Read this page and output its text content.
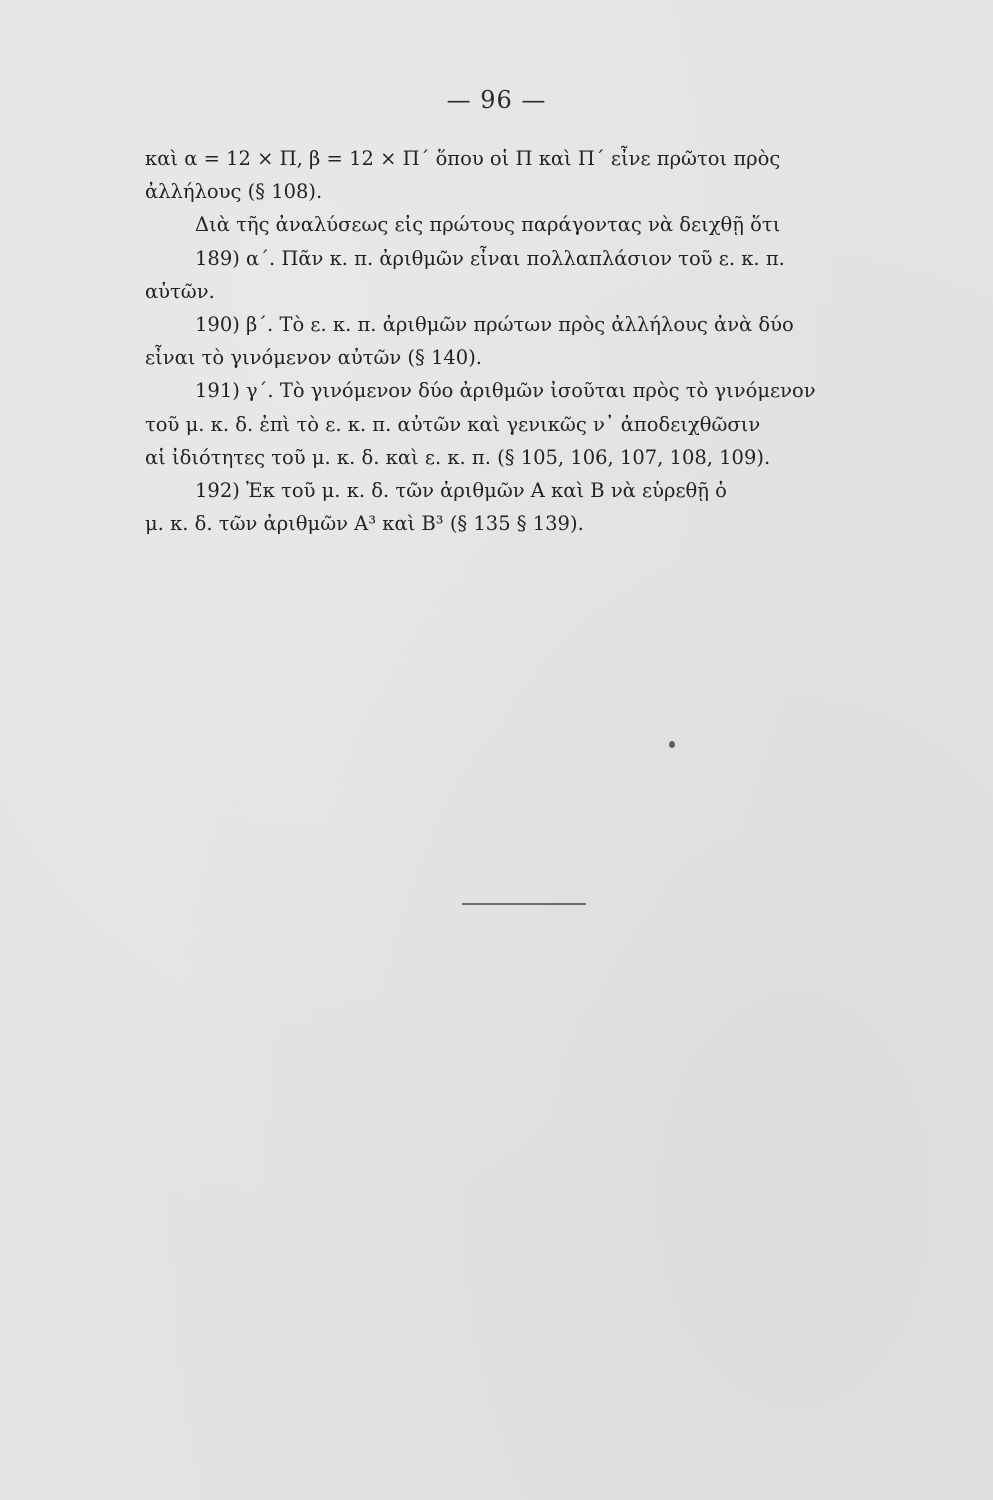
— 96 —
καὶ α = 12 × Π, β = 12 × Π΄ ὅπου οἱ Π καὶ Π΄ εἶνε πρῶτοι πρὸς
ἀλλήλους (§ 108).
Διὰ τῆς ἀναλύσεως εἰς πρώτους παράγοντας νὰ δειχθῇ ὅτι
189) α΄. Πᾶν κ. π. ἀριθμῶν εἶναι πολλαπλάσιον τοῦ ε. κ. π.
αὐτῶν.
190) β΄. Τὸ ε. κ. π. ἀριθμῶν πρώτων πρὸς ἀλλήλους ἀνὰ δύο
εἶναι τὸ γινόμενον αὐτῶν (§ 140).
191) γ΄. Τὸ γινόμενον δύο ἀριθμῶν ἰσοῦται πρὸς τὸ γινόμενον
τοῦ μ. κ. δ. ἐπὶ τὸ ε. κ. π. αὐτῶν καὶ γενικῶς ν᾽ ἀποδειχθῶσιν
αἱ ἰδιότητες τοῦ μ. κ. δ. καὶ ε. κ. π. (§ 105, 106, 107, 108, 109).
192) Ἐκ τοῦ μ. κ. δ. τῶν ἀριθμῶν Α καὶ Β νὰ εὑρεθῇ ὁ
μ. κ. δ. τῶν ἀριθμῶν Α³ καὶ Β³ (§ 135 § 139).
